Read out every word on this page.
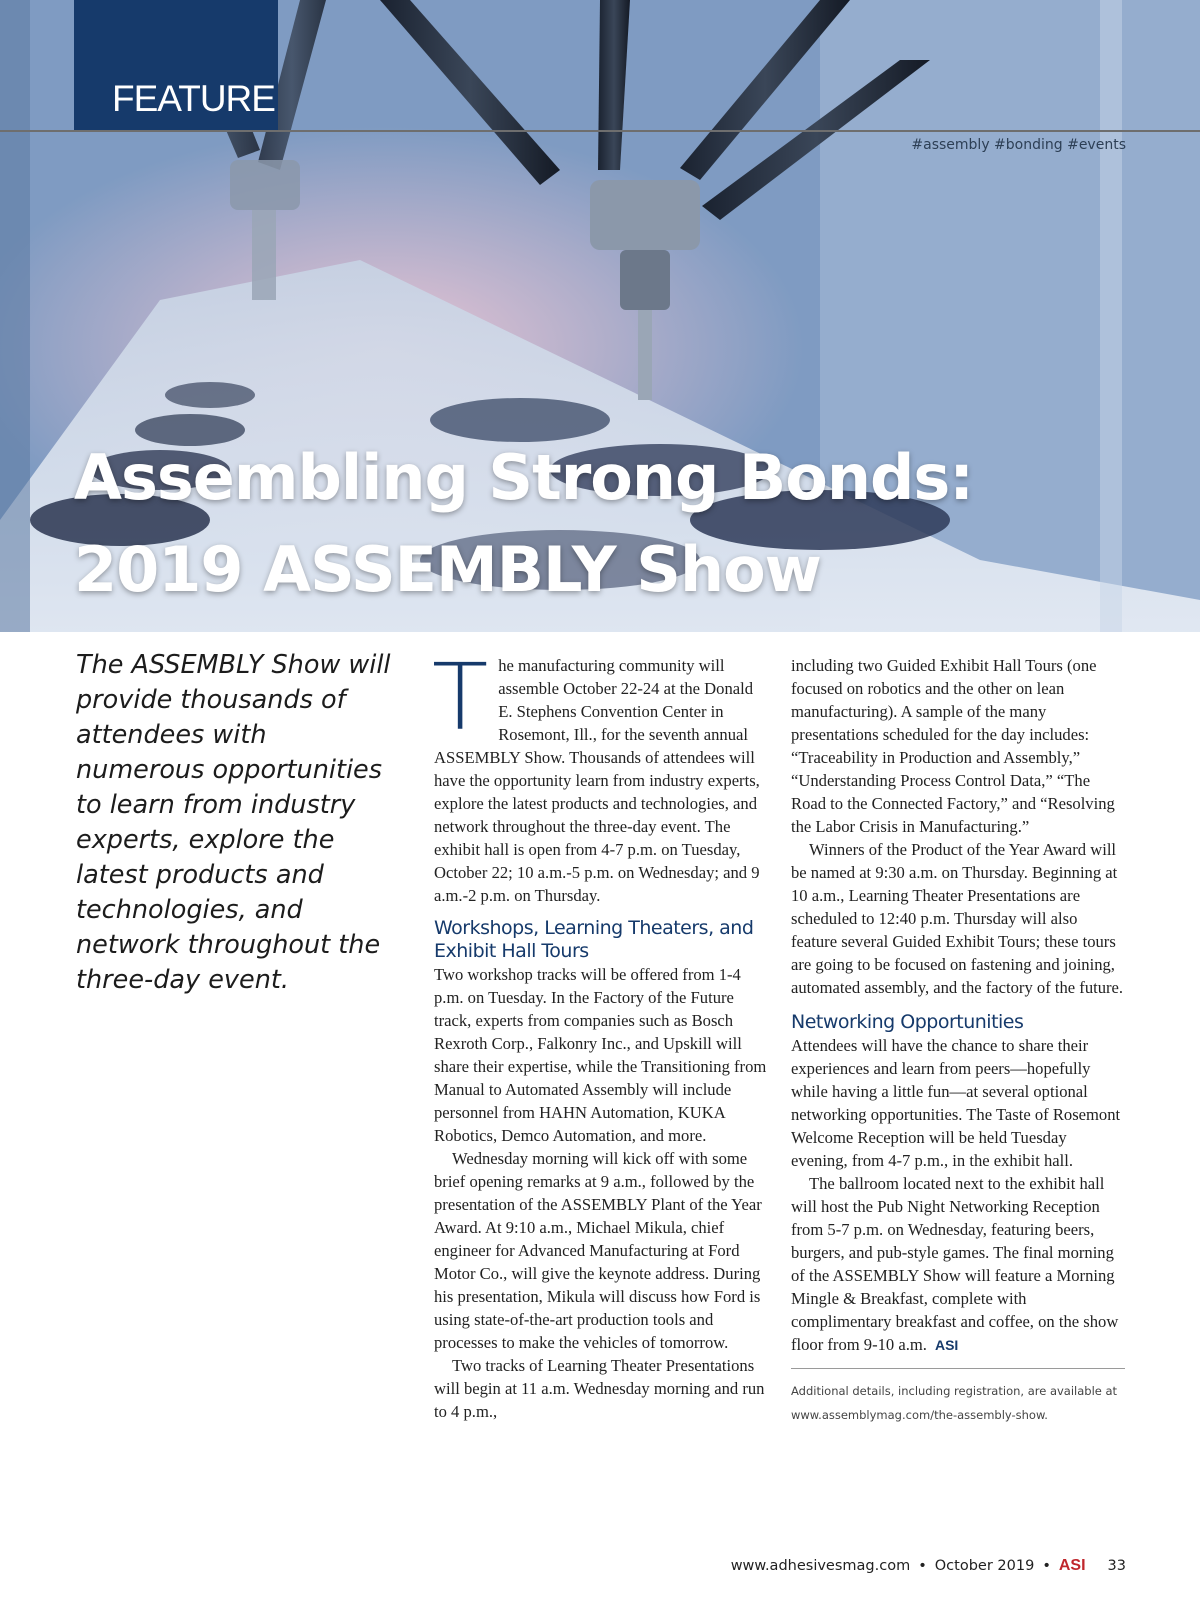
FEATURE
#assembly #bonding #events
Assembling Strong Bonds:
2019 ASSEMBLY Show
The ASSEMBLY Show will provide thousands of attendees with numerous opportunities to learn from industry experts, explore the latest products and technologies, and network throughout the three-day event.

The manufacturing community will assemble October 22-24 at the Donald E. Stephens Convention Center in Rosemont, Ill., for the seventh annual ASSEMBLY Show. Thousands of attendees will have the opportunity learn from industry experts, explore the latest products and technologies, and network throughout the three-day event. The exhibit hall is open from 4-7 p.m. on Tuesday, October 22; 10 a.m.-5 p.m. on Wednesday; and 9 a.m.-2 p.m. on Thursday.

Workshops, Learning Theaters, and Exhibit Hall Tours

Two workshop tracks will be offered from 1-4 p.m. on Tuesday. In the Factory of the Future track, experts from companies such as Bosch Rexroth Corp., Falkonry Inc., and Upskill will share their expertise, while the Transitioning from Manual to Automated Assembly will include personnel from HAHN Automation, KUKA Robotics, Demco Automation, and more.

Wednesday morning will kick off with some brief opening remarks at 9 a.m., followed by the presentation of the ASSEMBLY Plant of the Year Award. At 9:10 a.m., Michael Mikula, chief engineer for Advanced Manufacturing at Ford Motor Co., will give the keynote address. During his presentation, Mikula will discuss how Ford is using state-of-the-art production tools and processes to make the vehicles of tomorrow.

Two tracks of Learning Theater Presentations will begin at 11 a.m. Wednesday morning and run to 4 p.m.,

including two Guided Exhibit Hall Tours (one focused on robotics and the other on lean manufacturing). A sample of the many presentations scheduled for the day includes: “Traceability in Production and Assembly,” “Understanding Process Control Data,” “The Road to the Connected Factory,” and “Resolving the Labor Crisis in Manufacturing.”

Winners of the Product of the Year Award will be named at 9:30 a.m. on Thursday. Beginning at 10 a.m., Learning Theater Presentations are scheduled to 12:40 p.m. Thursday will also feature several Guided Exhibit Tours; these tours are going to be focused on fastening and joining, automated assembly, and the factory of the future.

Networking Opportunities

Attendees will have the chance to share their experiences and learn from peers—hopefully while having a little fun—at several optional networking opportunities. The Taste of Rosemont Welcome Reception will be held Tuesday evening, from 4-7 p.m., in the exhibit hall.

The ballroom located next to the exhibit hall will host the Pub Night Networking Reception from 5-7 p.m. on Wednesday, featuring beers, burgers, and pub-style games. The final morning of the ASSEMBLY Show will feature a Morning Mingle & Breakfast, complete with complimentary breakfast and coffee, on the show floor from 9-10 a.m. ASI

Additional details, including registration, are available at www.assemblymag.com/the-assembly-show.
www.adhesivesmag.com • October 2019 • ASI 33
